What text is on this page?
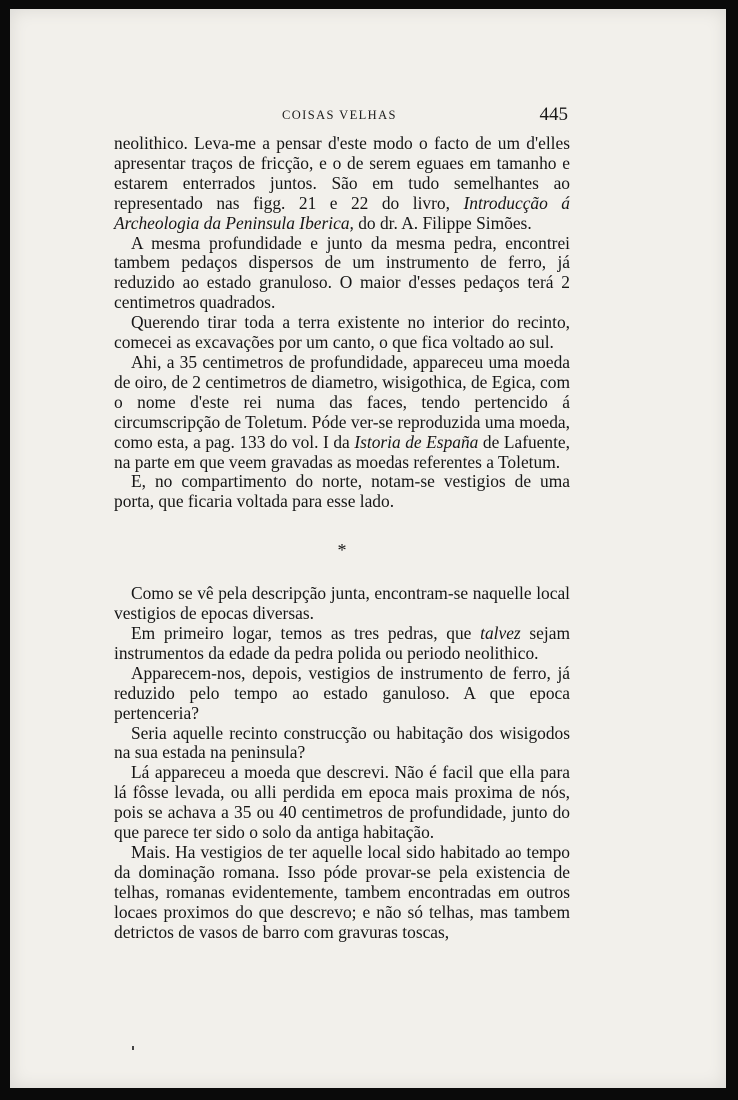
COISAS VELHAS	445

neolithico. Leva-me a pensar d'este modo o facto de um d'elles apresentar traços de fricção, e o de serem eguaes em tamanho e estarem enterrados juntos. São em tudo semelhantes ao representado nas figg. 21 e 22 do livro, Introducção á Archeologia da Peninsula Iberica, do dr. A. Filippe Simões.

A mesma profundidade e junto da mesma pedra, encontrei tambem pedaços dispersos de um instrumento de ferro, já reduzido ao estado granuloso. O maior d'esses pedaços terá 2 centimetros quadrados.

Querendo tirar toda a terra existente no interior do recinto, comecei as excavações por um canto, o que fica voltado ao sul.

Ahi, a 35 centimetros de profundidade, appareceu uma moeda de oiro, de 2 centimetros de diametro, wisigothica, de Egica, com o nome d'este rei numa das faces, tendo pertencido á circumscripção de Toletum. Póde ver-se reproduzida uma moeda, como esta, a pag. 133 do vol. I da Istoria de España de Lafuente, na parte em que veem gravadas as moedas referentes a Toletum.

E, no compartimento do norte, notam-se vestigios de uma porta, que ficaria voltada para esse lado.

*

Como se vê pela descripção junta, encontram-se naquelle local vestigios de epocas diversas.

Em primeiro logar, temos as tres pedras, que talvez sejam instrumentos da edade da pedra polida ou periodo neolithico.

Apparecem-nos, depois, vestigios de instrumento de ferro, já reduzido pelo tempo ao estado ganuloso. A que epoca pertenceria?

Seria aquelle recinto construcção ou habitação dos wisigodos na sua estada na peninsula?

Lá appareceu a moeda que descrevi. Não é facil que ella para lá fôsse levada, ou alli perdida em epoca mais proxima de nós, pois se achava a 35 ou 40 centimetros de profundidade, junto do que parece ter sido o solo da antiga habitação.

Mais. Ha vestigios de ter aquelle local sido habitado ao tempo da dominação romana. Isso póde provar-se pela existencia de telhas, romanas evidentemente, tambem encontradas em outros locaes proximos do que descrevo; e não só telhas, mas tambem detrictos de vasos de barro com gravuras toscas,
